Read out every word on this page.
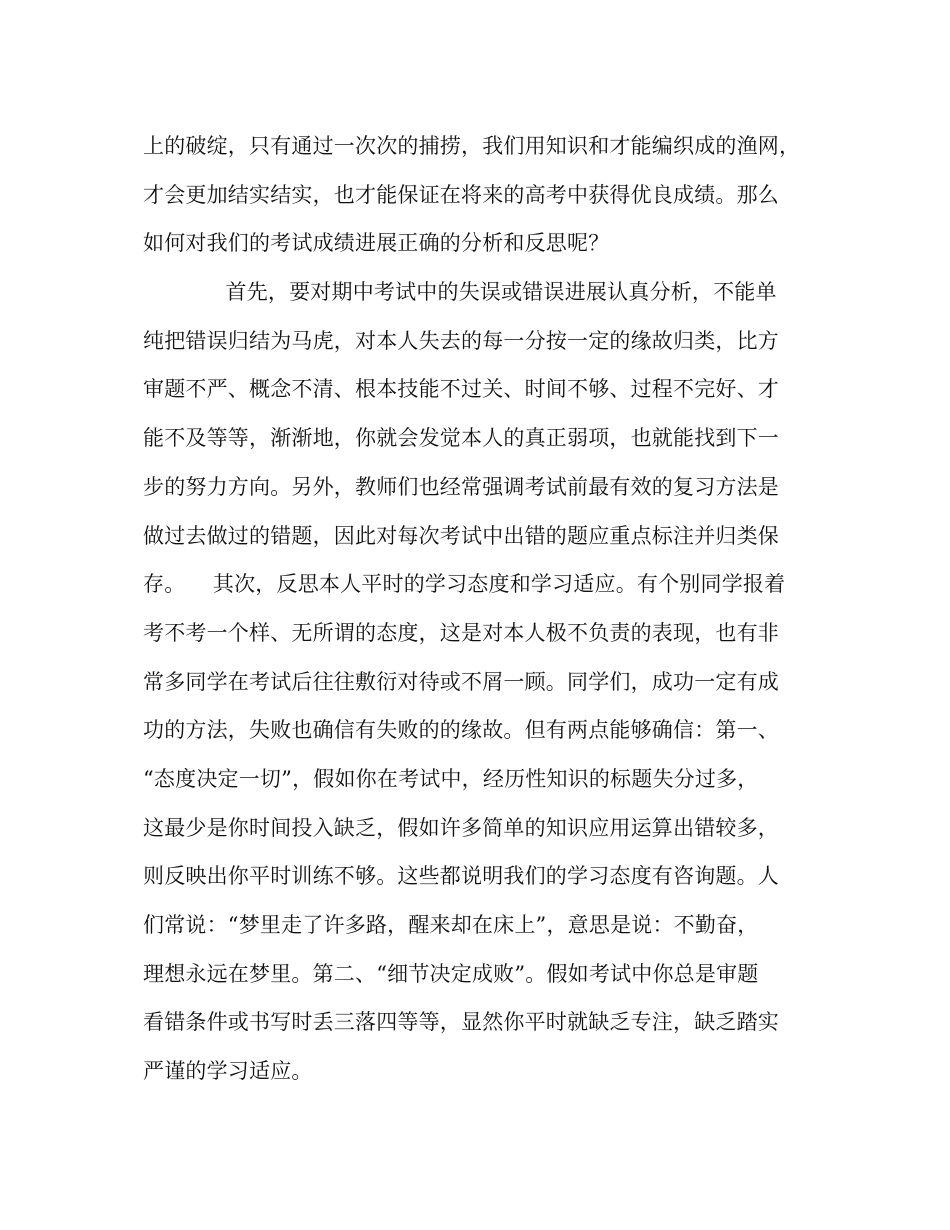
上的破绽，只有通过一次次的捕捞，我们用知识和才能编织成的渔网，
才会更加结实结实，也才能保证在将来的高考中获得优良成绩。那么
如何对我们的考试成绩进展正确的分析和反思呢？
首先，要对期中考试中的失误或错误进展认真分析，不能单
纯把错误归结为马虎，对本人失去的每一分按一定的缘故归类，比方
审题不严、概念不清、根本技能不过关、时间不够、过程不完好、才
能不及等等，渐渐地，你就会发觉本人的真正弱项，也就能找到下一
步的努力方向。另外，教师们也经常强调考试前最有效的复习方法是
做过去做过的错题，因此对每次考试中出错的题应重点标注并归类保
存。    其次，反思本人平时的学习态度和学习适应。有个别同学报着
考不考一个样、无所谓的态度，这是对本人极不负责的表现，也有非
常多同学在考试后往往敷衍对待或不屑一顾。同学们，成功一定有成
功的方法，失败也确信有失败的的缘故。但有两点能够确信：第一、
“态度决定一切”，假如你在考试中，经历性知识的标题失分过多，
这最少是你时间投入缺乏，假如许多简单的知识应用运算出错较多，
则反映出你平时训练不够。这些都说明我们的学习态度有咨询题。人
们常说：“梦里走了许多路，醒来却在床上”，意思是说：不勤奋，
理想永远在梦里。第二、“细节决定成败”。假如考试中你总是审题
看错条件或书写时丢三落四等等，显然你平时就缺乏专注，缺乏踏实
严谨的学习适应。
